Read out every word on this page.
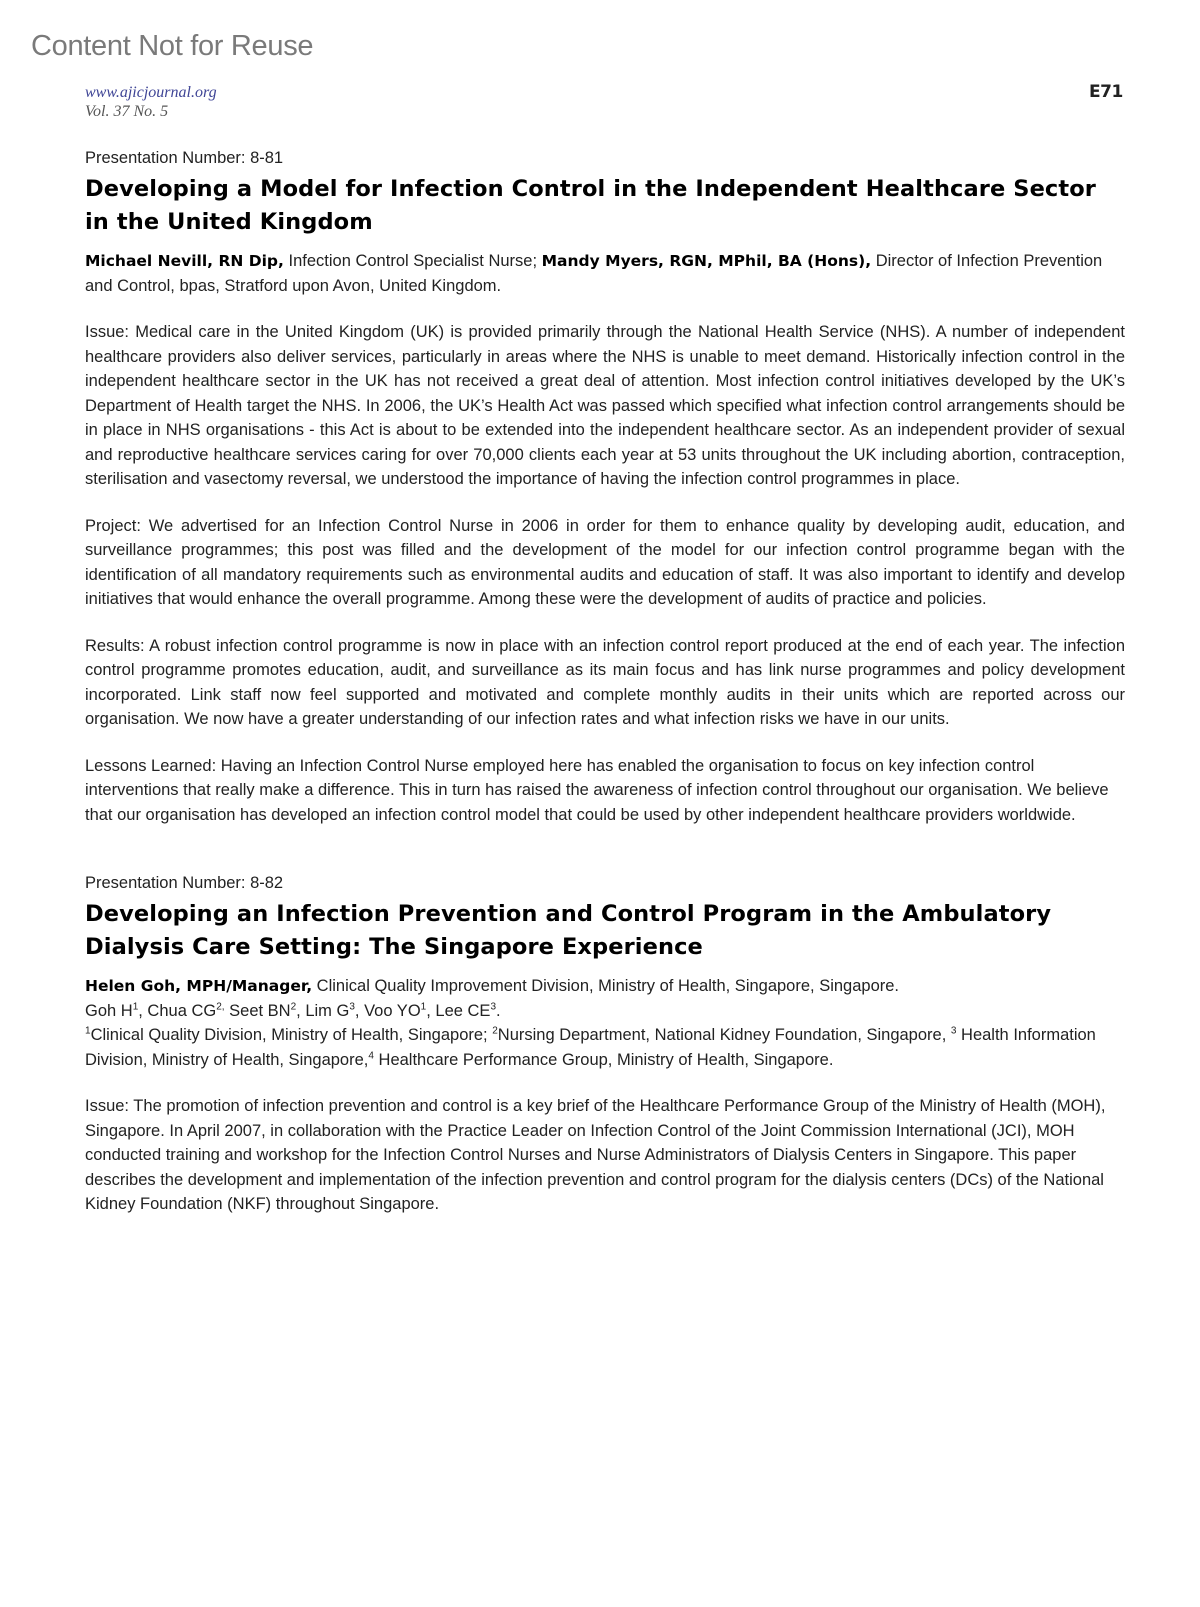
Content Not for Reuse
www.ajicjournal.org
Vol. 37 No. 5
E71

Presentation Number: 8-81

Developing a Model for Infection Control in the Independent Healthcare Sector in the United Kingdom

Michael Nevill, RN Dip, Infection Control Specialist Nurse; Mandy Myers, RGN, MPhil, BA (Hons), Director of Infection Prevention and Control, bpas, Stratford upon Avon, United Kingdom.

Issue: Medical care in the United Kingdom (UK) is provided primarily through the National Health Service (NHS). A number of independent healthcare providers also deliver services, particularly in areas where the NHS is unable to meet demand. Historically infection control in the independent healthcare sector in the UK has not received a great deal of attention. Most infection control initiatives developed by the UK’s Department of Health target the NHS. In 2006, the UK’s Health Act was passed which specified what infection control arrangements should be in place in NHS organisations - this Act is about to be extended into the independent healthcare sector. As an independent provider of sexual and reproductive healthcare services caring for over 70,000 clients each year at 53 units throughout the UK including abortion, contraception, sterilisation and vasectomy reversal, we understood the importance of having the infection control programmes in place.

Project: We advertised for an Infection Control Nurse in 2006 in order for them to enhance quality by developing audit, education, and surveillance programmes; this post was filled and the development of the model for our infection control programme began with the identification of all mandatory requirements such as environmental audits and education of staff. It was also important to identify and develop initiatives that would enhance the overall programme. Among these were the development of audits of practice and policies.

Results: A robust infection control programme is now in place with an infection control report produced at the end of each year. The infection control programme promotes education, audit, and surveillance as its main focus and has link nurse programmes and policy development incorporated. Link staff now feel supported and motivated and complete monthly audits in their units which are reported across our organisation. We now have a greater understanding of our infection rates and what infection risks we have in our units.

Lessons Learned: Having an Infection Control Nurse employed here has enabled the organisation to focus on key infection control interventions that really make a difference. This in turn has raised the awareness of infection control throughout our organisation. We believe that our organisation has developed an infection control model that could be used by other independent healthcare providers worldwide.

Presentation Number: 8-82

Developing an Infection Prevention and Control Program in the Ambulatory Dialysis Care Setting: The Singapore Experience

Helen Goh, MPH/Manager, Clinical Quality Improvement Division, Ministry of Health, Singapore, Singapore.

Goh $H^1$, Chua $CG^{2,}$ Seet $BN^2$, Lim $G^3$, Voo $YO^1$, Lee $CE^3$.

$^1$Clinical Quality Division, Ministry of Health, Singapore; $^2$Nursing Department, National Kidney Foundation, Singapore, $^3$ Health Information Division, Ministry of Health, Singapore,$^4$ Healthcare Performance Group, Ministry of Health, Singapore.

Issue: The promotion of infection prevention and control is a key brief of the Healthcare Performance Group of the Ministry of Health (MOH), Singapore. In April 2007, in collaboration with the Practice Leader on Infection Control of the Joint Commission International (JCI), MOH conducted training and workshop for the Infection Control Nurses and Nurse Administrators of Dialysis Centers in Singapore. This paper describes the development and implementation of the infection prevention and control program for the dialysis centers (DCs) of the National Kidney Foundation (NKF) throughout Singapore.
